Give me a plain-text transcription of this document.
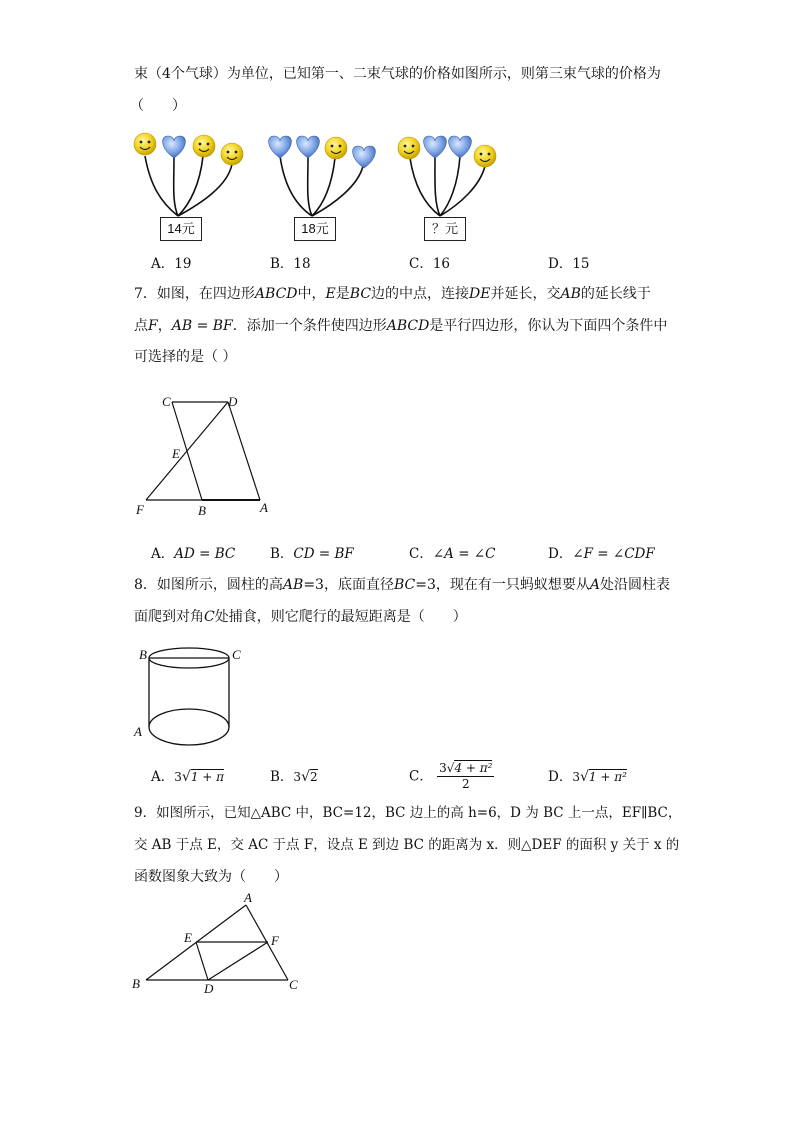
束（4个气球）为单位，已知第一、二束气球的价格如图所示，则第三束气球的价格为
（　　）
14元	18元	？元
A．19	B．18	C．16	D．15
7．如图，在四边形ABCD中，E是BC边的中点，连接DE并延长，交AB的延长线于
点F，AB = BF．添加一个条件使四边形ABCD是平行四边形，你认为下面四个条件中
可选择的是（ ）
C	D
E
F	B	A
A．AD = BC	B．CD = BF	C．∠A = ∠C	D．∠F = ∠CDF
8．如图所示，圆柱的高AB=3，底面直径BC=3，现在有一只蚂蚁想要从A处沿圆柱表
面爬到对角C处捕食，则它爬行的最短距离是（　　）
B	C
A
A．3√1 + π	B．3√2	C． $\frac{\text{3√4 + π²}}{2}$	D．3√1 + π²
9．如图所示，已知△ABC 中，BC=12，BC 边上的高 h=6，D 为 BC 上一点，EF∥BC，
交 AB 于点 E，交 AC 于点 F，设点 E 到边 BC 的距离为 x．则△DEF 的面积 y 关于 x 的
函数图象大致为（　　）
A
E	F
B	D	C
